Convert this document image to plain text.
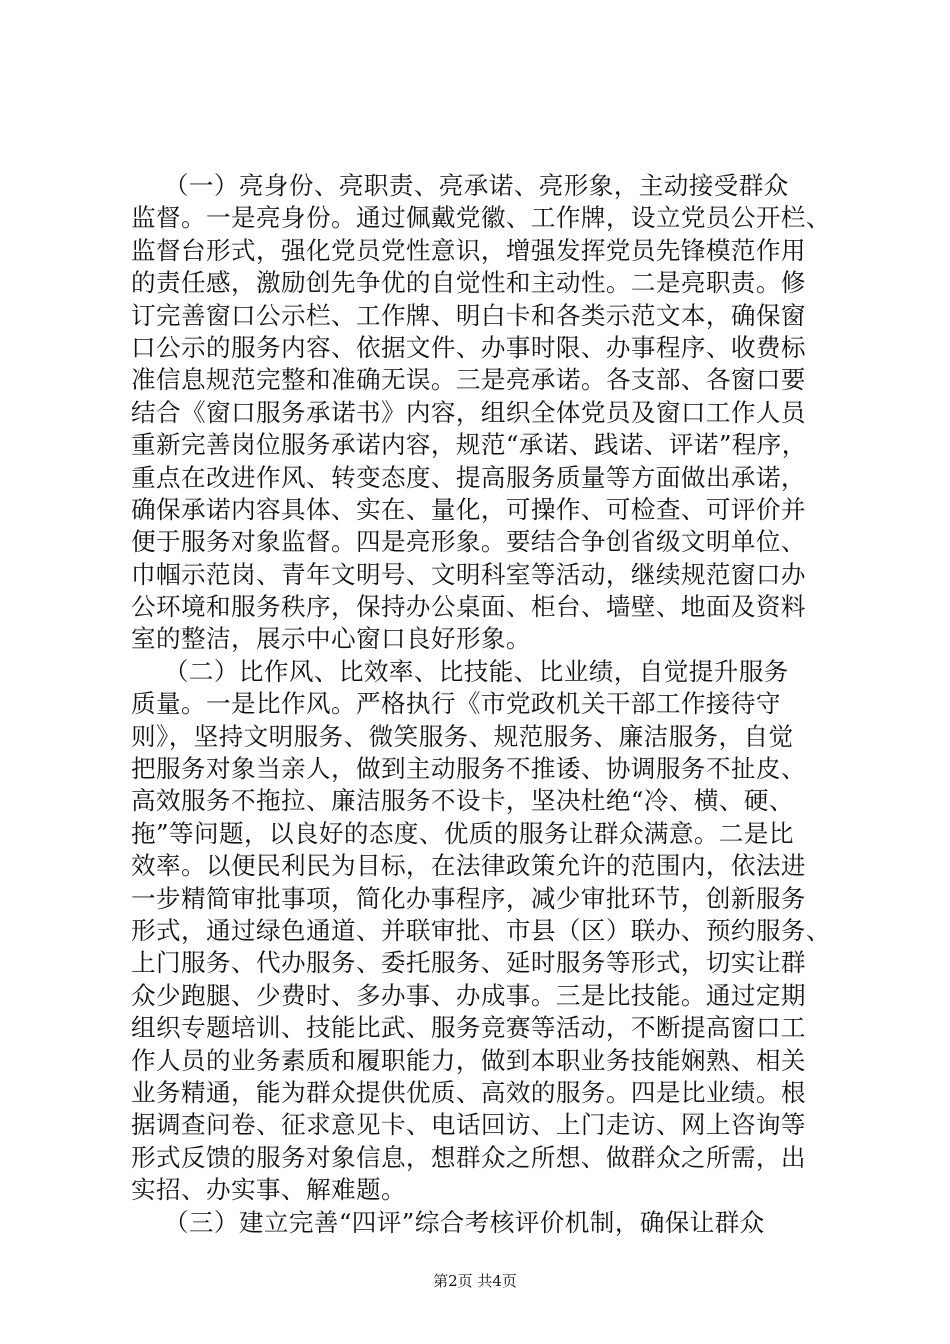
（一）亮身份、亮职责、亮承诺、亮形象，主动接受群众
监督。一是亮身份。通过佩戴党徽、工作牌，设立党员公开栏、
监督台形式，强化党员党性意识，增强发挥党员先锋模范作用
的责任感，激励创先争优的自觉性和主动性。二是亮职责。修
订完善窗口公示栏、工作牌、明白卡和各类示范文本，确保窗
口公示的服务内容、依据文件、办事时限、办事程序、收费标
准信息规范完整和准确无误。三是亮承诺。各支部、各窗口要
结合《窗口服务承诺书》内容，组织全体党员及窗口工作人员
重新完善岗位服务承诺内容，规范“承诺、践诺、评诺”程序，
重点在改进作风、转变态度、提高服务质量等方面做出承诺，
确保承诺内容具体、实在、量化，可操作、可检查、可评价并
便于服务对象监督。四是亮形象。要结合争创省级文明单位、
巾帼示范岗、青年文明号、文明科室等活动，继续规范窗口办
公环境和服务秩序，保持办公桌面、柜台、墙壁、地面及资料
室的整洁，展示中心窗口良好形象。
（二）比作风、比效率、比技能、比业绩，自觉提升服务
质量。一是比作风。严格执行《市党政机关干部工作接待守
则》，坚持文明服务、微笑服务、规范服务、廉洁服务，自觉
把服务对象当亲人，做到主动服务不推诿、协调服务不扯皮、
高效服务不拖拉、廉洁服务不设卡，坚决杜绝“冷、横、硬、
拖”等问题，以良好的态度、优质的服务让群众满意。二是比
效率。以便民利民为目标，在法律政策允许的范围内，依法进
一步精简审批事项，简化办事程序，减少审批环节，创新服务
形式，通过绿色通道、并联审批、市县（区）联办、预约服务、
上门服务、代办服务、委托服务、延时服务等形式，切实让群
众少跑腿、少费时、多办事、办成事。三是比技能。通过定期
组织专题培训、技能比武、服务竞赛等活动，不断提高窗口工
作人员的业务素质和履职能力，做到本职业务技能娴熟、相关
业务精通，能为群众提供优质、高效的服务。四是比业绩。根
据调查问卷、征求意见卡、电话回访、上门走访、网上咨询等
形式反馈的服务对象信息，想群众之所想、做群众之所需，出
实招、办实事、解难题。
（三）建立完善“四评”综合考核评价机制，确保让群众
第2页 共4页
